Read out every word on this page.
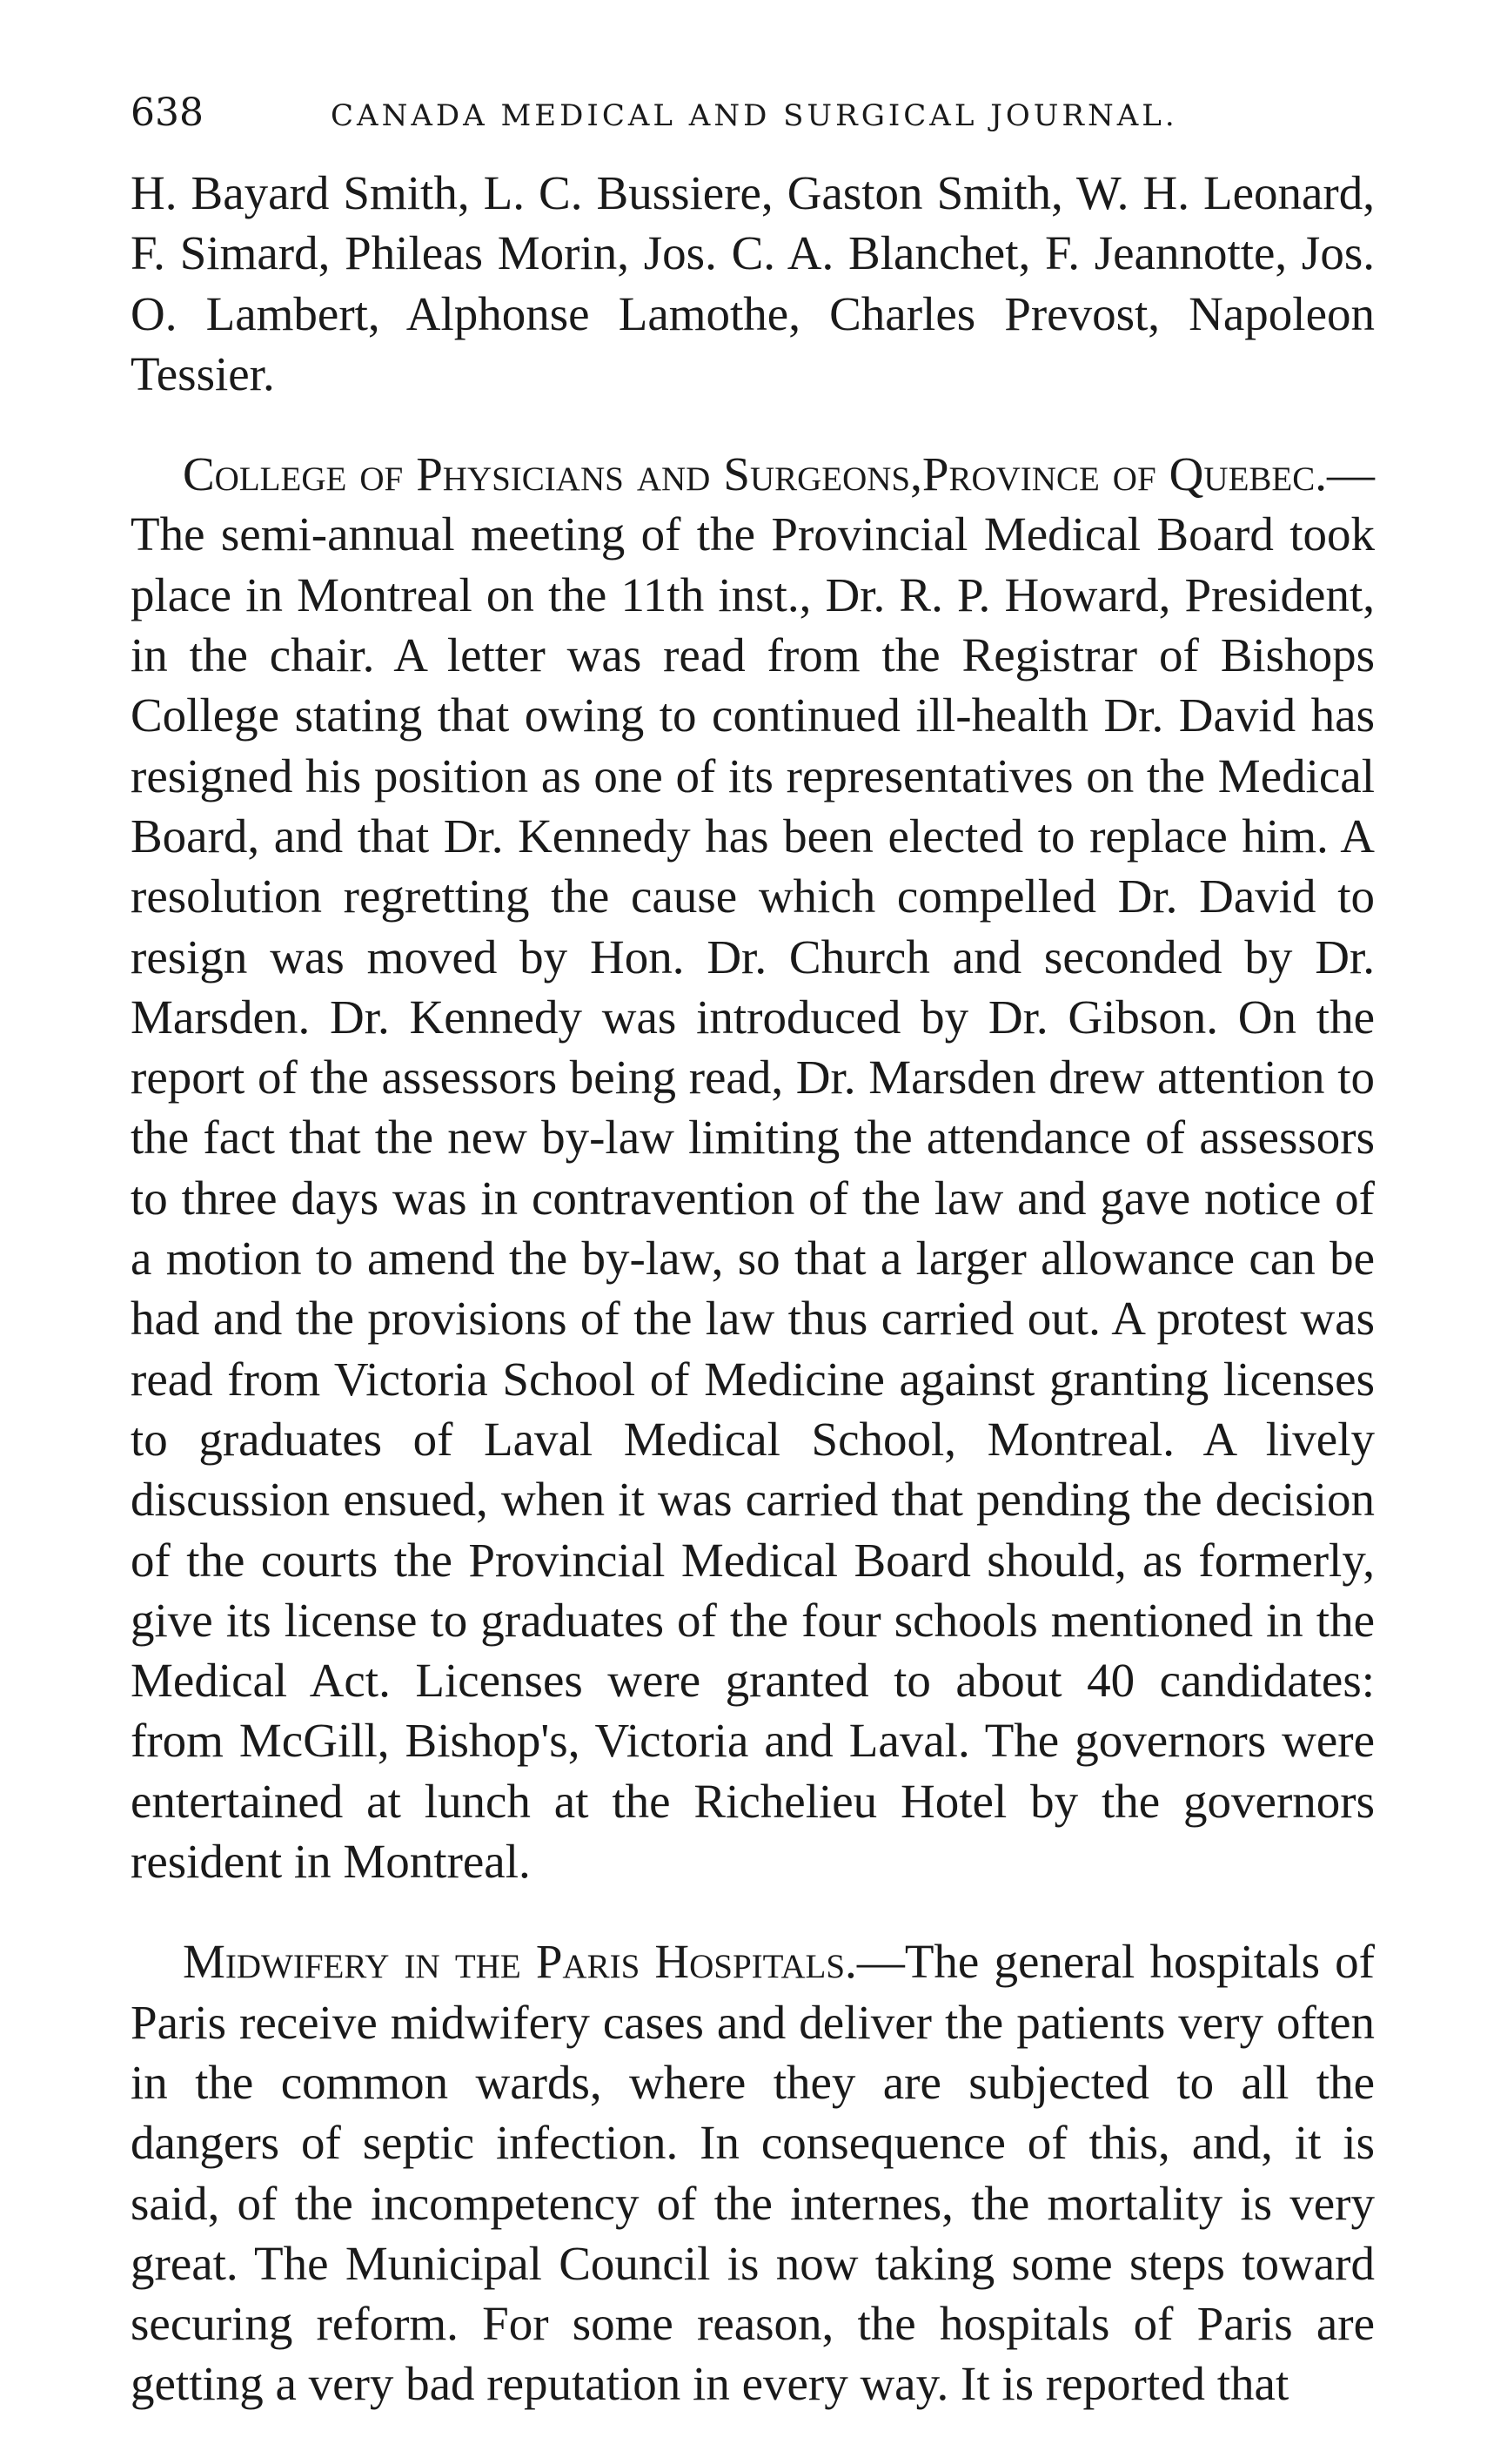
638	CANADA MEDICAL AND SURGICAL JOURNAL.

H. Bayard Smith, L. C. Bussiere, Gaston Smith, W. H. Leonard, F. Simard, Phileas Morin, Jos. C. A. Blanchet, F. Jeannotte, Jos. O. Lambert, Alphonse Lamothe, Charles Prevost, Napoleon Tessier.

College of Physicians and Surgeons,Province of Quebec.—The semi-annual meeting of the Provincial Medical Board took place in Montreal on the 11th inst., Dr. R. P. Howard, President, in the chair. A letter was read from the Registrar of Bishops College stating that owing to continued ill-health Dr. David has resigned his position as one of its representatives on the Medical Board, and that Dr. Kennedy has been elected to replace him. A resolution regretting the cause which compelled Dr. David to resign was moved by Hon. Dr. Church and seconded by Dr. Marsden. Dr. Kennedy was introduced by Dr. Gibson. On the report of the assessors being read, Dr. Marsden drew attention to the fact that the new by-law limiting the attendance of assessors to three days was in contravention of the law and gave notice of a motion to amend the by-law, so that a larger allowance can be had and the provisions of the law thus carried out. A protest was read from Victoria School of Medicine against granting licenses to graduates of Laval Medical School, Montreal. A lively discussion ensued, when it was carried that pending the decision of the courts the Provincial Medical Board should, as formerly, give its license to graduates of the four schools mentioned in the Medical Act. Licenses were granted to about 40 candidates: from McGill, Bishop's, Victoria and Laval. The governors were entertained at lunch at the Richelieu Hotel by the governors resident in Montreal.

Midwifery in the Paris Hospitals.—The general hospitals of Paris receive midwifery cases and deliver the patients very often in the common wards, where they are subjected to all the dangers of septic infection. In consequence of this, and, it is said, of the incompetency of the internes, the mortality is very great. The Municipal Council is now taking some steps toward securing reform. For some reason, the hospitals of Paris are getting a very bad reputation in every way. It is reported that
